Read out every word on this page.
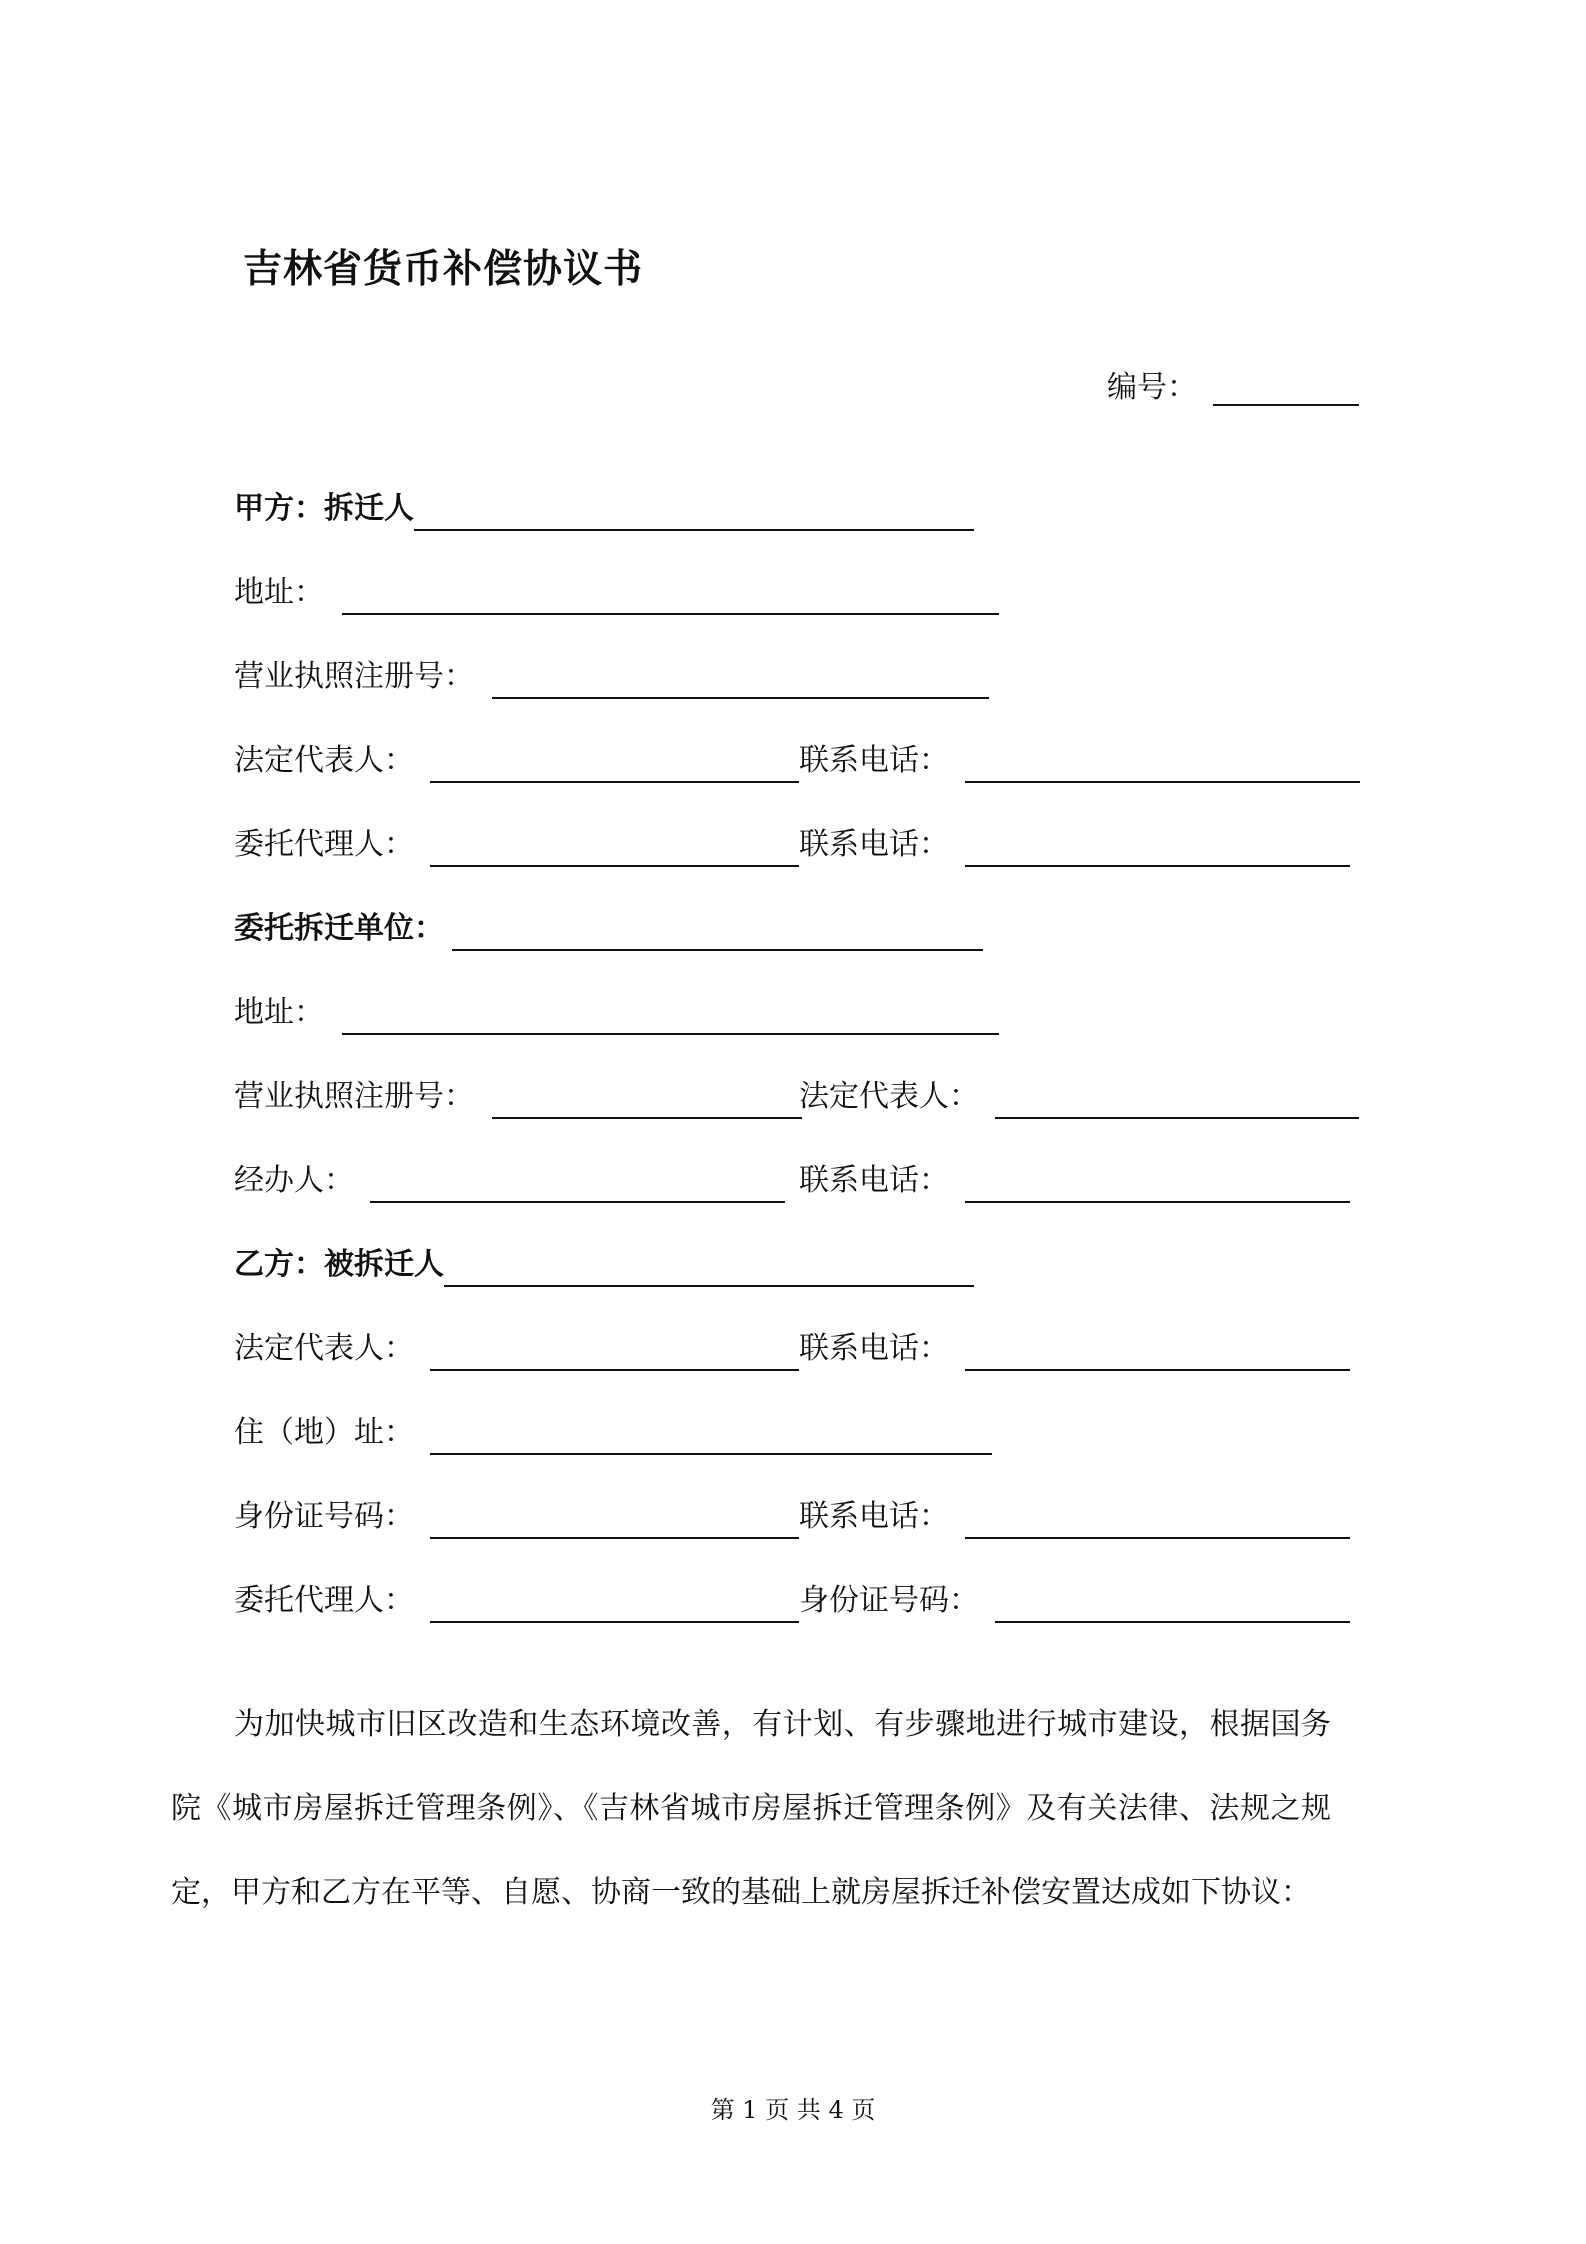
吉林省货币补偿协议书
编号：
甲方：拆迁人
地址：
营业执照注册号：
法定代表人：	联系电话：
委托代理人：	联系电话：
委托拆迁单位：
地址：
营业执照注册号：	法定代表人：
经办人：	联系电话：
乙方：被拆迁人
法定代表人：	联系电话：
住（地）址：
身份证号码：	联系电话：
委托代理人：	身份证号码：

为加快城市旧区改造和生态环境改善，有计划、有步骤地进行城市建设，根据国务院《城市房屋拆迁管理条例》、《吉林省城市房屋拆迁管理条例》及有关法律、法规之规定，甲方和乙方在平等、自愿、协商一致的基础上就房屋拆迁补偿安置达成如下协议：

第 1 页 共 4 页
